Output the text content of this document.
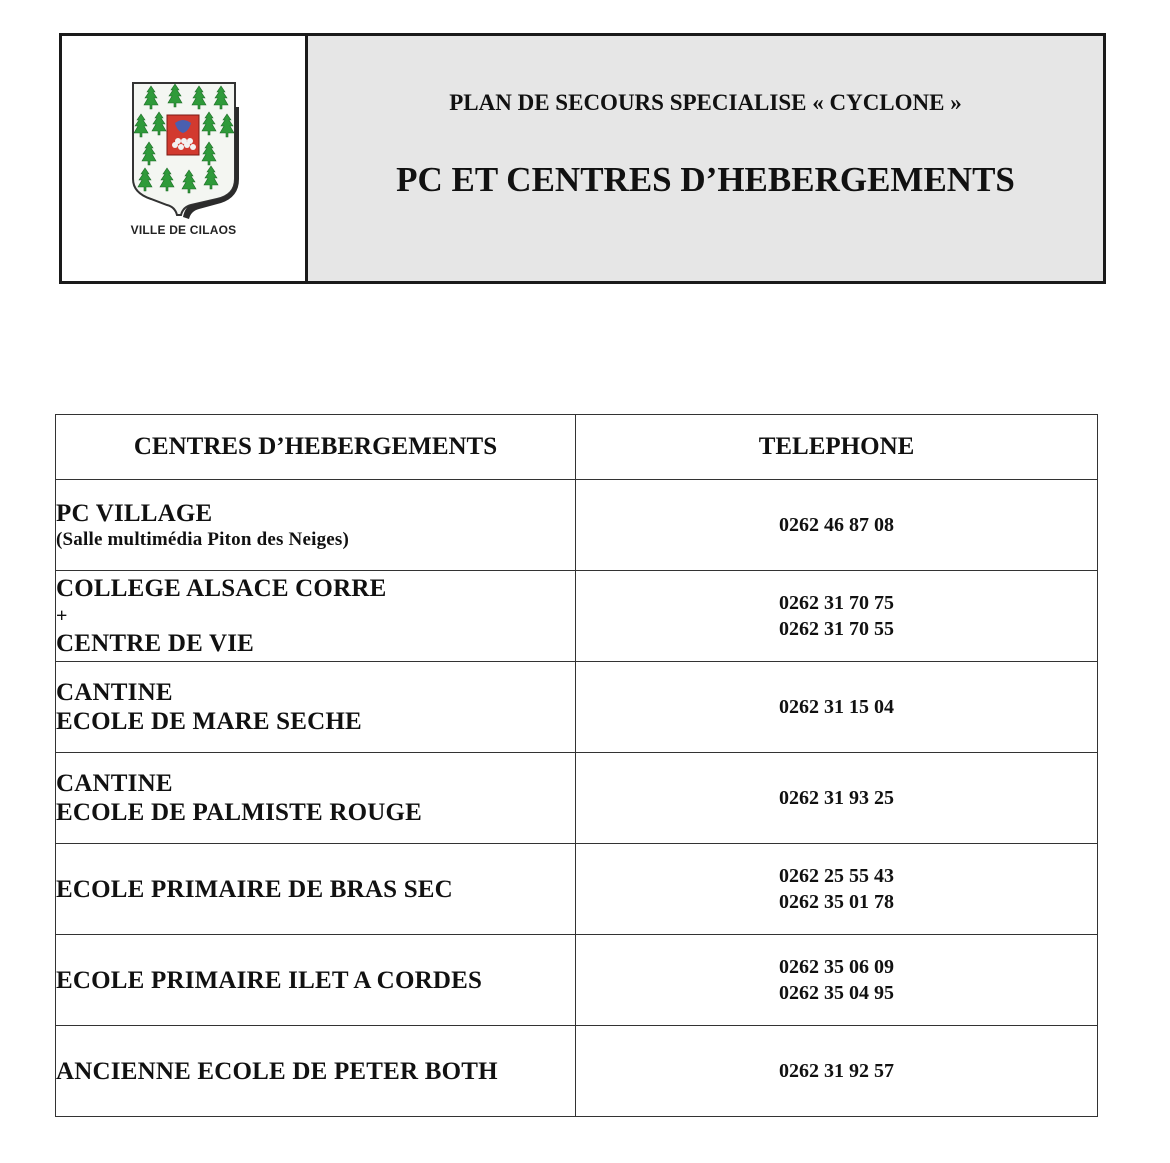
VILLE DE CILAOS
PLAN DE SECOURS SPECIALISE « CYCLONE »
PC ET CENTRES D’HEBERGEMENTS
CENTRES D’HEBERGEMENTS	TELEPHONE

PC VILLAGE
(Salle multimédia Piton des Neiges)	0262 46 87 08

COLLEGE ALSACE CORRE
+
CENTRE DE VIE	0262 31 70 75
0262 31 70 55

CANTINE
ECOLE DE MARE SECHE	0262 31 15 04

CANTINE
ECOLE DE PALMISTE ROUGE	0262 31 93 25

ECOLE PRIMAIRE DE BRAS SEC	0262 25 55 43
0262 35 01 78

ECOLE PRIMAIRE ILET A CORDES	0262 35 06 09
0262 35 04 95

ANCIENNE ECOLE DE PETER BOTH	0262 31 92 57
